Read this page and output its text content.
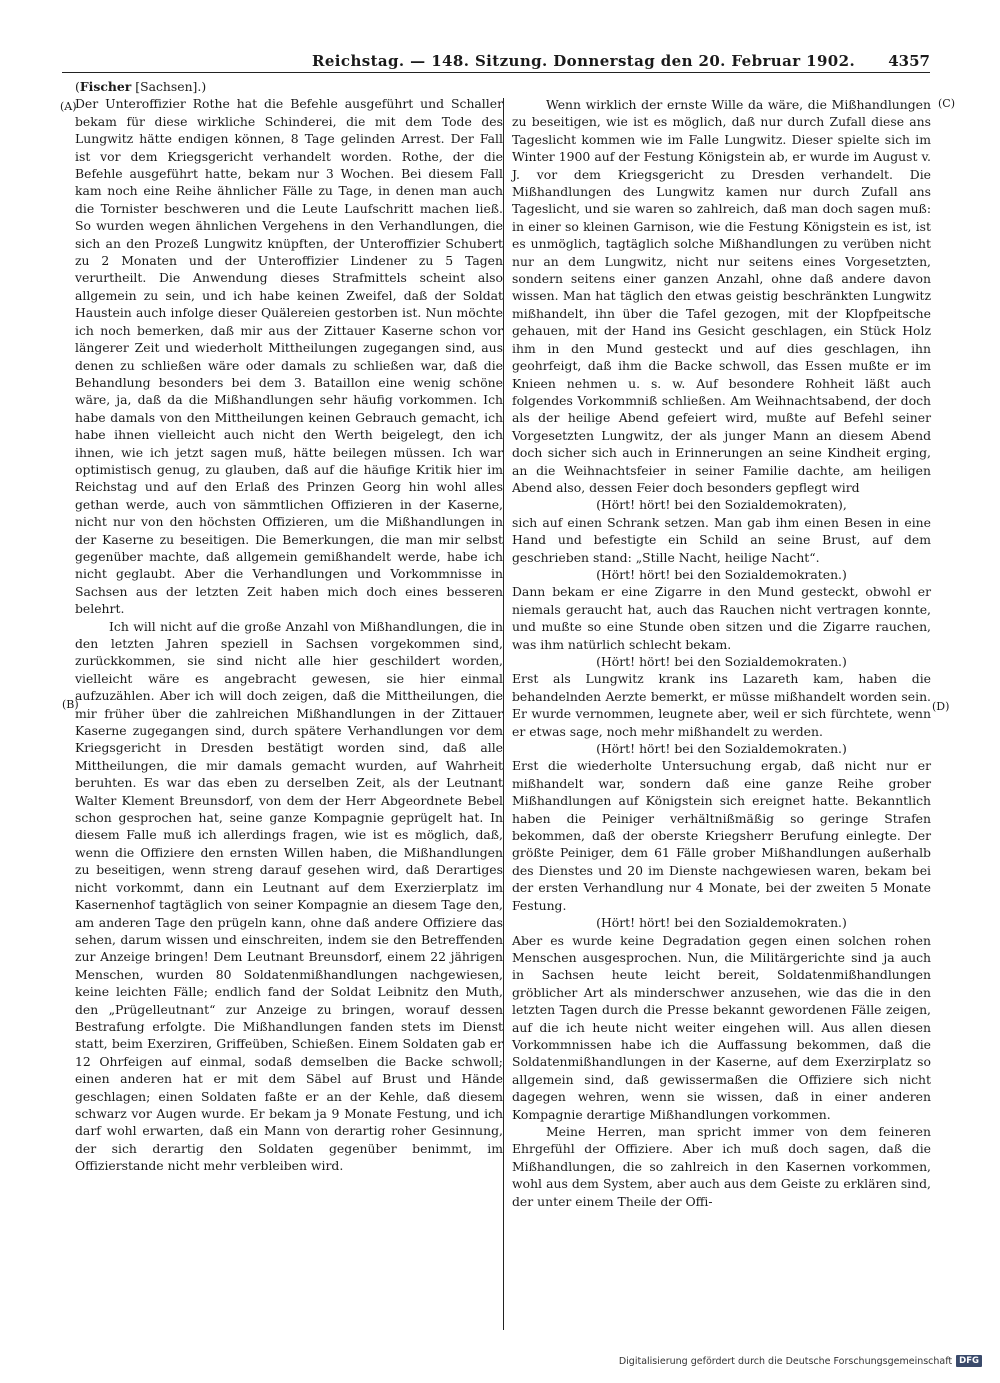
Reichstag. — 148. Sitzung. Donnerstag den 20. Februar 1902. 4357
(A)
(B)
(C)
(D)

(Fischer [Sachsen].)

Der Unteroffizier Rothe hat die Befehle ausgeführt und Schaller bekam für diese wirkliche Schinderei, die mit dem Tode des Lungwitz hätte endigen können, 8 Tage gelinden Arrest. Der Fall ist vor dem Kriegsgericht verhandelt worden. Rothe, der die Befehle ausgeführt hatte, bekam nur 3 Wochen. Bei diesem Fall kam noch eine Reihe ähnlicher Fälle zu Tage, in denen man auch die Tornister beschweren und die Leute Laufschritt machen ließ. So wurden wegen ähnlichen Vergehens in den Verhandlungen, die sich an den Prozeß Lungwitz knüpften, der Unteroffizier Schubert zu 2 Monaten und der Unteroffizier Lindener zu 5 Tagen verurtheilt. Die Anwendung dieses Strafmittels scheint also allgemein zu sein, und ich habe keinen Zweifel, daß der Soldat Haustein auch infolge dieser Quälereien gestorben ist. Nun möchte ich noch bemerken, daß mir aus der Zittauer Kaserne schon vor längerer Zeit und wiederholt Mittheilungen zugegangen sind, aus denen zu schließen wäre oder damals zu schließen war, daß die Behandlung besonders bei dem 3. Bataillon eine wenig schöne wäre, ja, daß da die Mißhandlungen sehr häufig vorkommen. Ich habe damals von den Mittheilungen keinen Gebrauch gemacht, ich habe ihnen vielleicht auch nicht den Werth beigelegt, den ich ihnen, wie ich jetzt sagen muß, hätte beilegen müssen. Ich war optimistisch genug, zu glauben, daß auf die häufige Kritik hier im Reichstag und auf den Erlaß des Prinzen Georg hin wohl alles gethan werde, auch von sämmtlichen Offizieren in der Kaserne, nicht nur von den höchsten Offizieren, um die Mißhandlungen in der Kaserne zu beseitigen. Die Bemerkungen, die man mir selbst gegenüber machte, daß allgemein gemißhandelt werde, habe ich nicht geglaubt. Aber die Verhandlungen und Vorkommnisse in Sachsen aus der letzten Zeit haben mich doch eines besseren belehrt.

Ich will nicht auf die große Anzahl von Mißhandlungen, die in den letzten Jahren speziell in Sachsen vorgekommen sind, zurückkommen, sie sind nicht alle hier geschildert worden, vielleicht wäre es angebracht gewesen, sie hier einmal aufzuzählen. Aber ich will doch zeigen, daß die Mittheilungen, die mir früher über die zahlreichen Mißhandlungen in der Zittauer Kaserne zugegangen sind, durch spätere Verhandlungen vor dem Kriegsgericht in Dresden bestätigt worden sind, daß alle Mittheilungen, die mir damals gemacht wurden, auf Wahrheit beruhten. Es war das eben zu derselben Zeit, als der Leutnant Walter Klement Breunsdorf, von dem der Herr Abgeordnete Bebel schon gesprochen hat, seine ganze Kompagnie geprügelt hat. In diesem Falle muß ich allerdings fragen, wie ist es möglich, daß, wenn die Offiziere den ernsten Willen haben, die Mißhandlungen zu beseitigen, wenn streng darauf gesehen wird, daß Derartiges nicht vorkommt, dann ein Leutnant auf dem Exerzierplatz im Kasernenhof tagtäglich von seiner Kompagnie an diesem Tage den, am anderen Tage den prügeln kann, ohne daß andere Offiziere das sehen, darum wissen und einschreiten, indem sie den Betreffenden zur Anzeige bringen! Dem Leutnant Breunsdorf, einem 22 jährigen Menschen, wurden 80 Soldatenmißhandlungen nachgewiesen, keine leichten Fälle; endlich fand der Soldat Leibnitz den Muth, den „Prügelleutnant“ zur Anzeige zu bringen, worauf dessen Bestrafung erfolgte. Die Mißhandlungen fanden stets im Dienst statt, beim Exerziren, Griffeüben, Schießen. Einem Soldaten gab er 12 Ohrfeigen auf einmal, sodaß demselben die Backe schwoll; einen anderen hat er mit dem Säbel auf Brust und Hände geschlagen; einen Soldaten faßte er an der Kehle, daß diesem schwarz vor Augen wurde. Er bekam ja 9 Monate Festung, und ich darf wohl erwarten, daß ein Mann von derartig roher Gesinnung, der sich derartig den Soldaten gegenüber benimmt, im Offizierstande nicht mehr verbleiben wird.

Wenn wirklich der ernste Wille da wäre, die Mißhandlungen zu beseitigen, wie ist es möglich, daß nur durch Zufall diese ans Tageslicht kommen wie im Falle Lungwitz. Dieser spielte sich im Winter 1900 auf der Festung Königstein ab, er wurde im August v. J. vor dem Kriegsgericht zu Dresden verhandelt. Die Mißhandlungen des Lungwitz kamen nur durch Zufall ans Tageslicht, und sie waren so zahlreich, daß man doch sagen muß: in einer so kleinen Garnison, wie die Festung Königstein es ist, ist es unmöglich, tagtäglich solche Mißhandlungen zu verüben nicht nur an dem Lungwitz, nicht nur seitens eines Vorgesetzten, sondern seitens einer ganzen Anzahl, ohne daß andere davon wissen. Man hat täglich den etwas geistig beschränkten Lungwitz mißhandelt, ihn über die Tafel gezogen, mit der Klopfpeitsche gehauen, mit der Hand ins Gesicht geschlagen, ein Stück Holz ihm in den Mund gesteckt und auf dies geschlagen, ihn geohrfeigt, daß ihm die Backe schwoll, das Essen mußte er im Knieen nehmen u. s. w. Auf besondere Rohheit läßt auch folgendes Vorkommniß schließen. Am Weihnachtsabend, der doch als der heilige Abend gefeiert wird, mußte auf Befehl seiner Vorgesetzten Lungwitz, der als junger Mann an diesem Abend doch sicher sich auch in Erinnerungen an seine Kindheit erging, an die Weihnachtsfeier in seiner Familie dachte, am heiligen Abend also, dessen Feier doch besonders gepflegt wird

(Hört! hört! bei den Sozialdemokraten),

sich auf einen Schrank setzen. Man gab ihm einen Besen in eine Hand und befestigte ein Schild an seine Brust, auf dem geschrieben stand: „Stille Nacht, heilige Nacht“.

(Hört! hört! bei den Sozialdemokraten.)

Dann bekam er eine Zigarre in den Mund gesteckt, obwohl er niemals geraucht hat, auch das Rauchen nicht vertragen konnte, und mußte so eine Stunde oben sitzen und die Zigarre rauchen, was ihm natürlich schlecht bekam.

(Hört! hört! bei den Sozialdemokraten.)

Erst als Lungwitz krank ins Lazareth kam, haben die behandelnden Aerzte bemerkt, er müsse mißhandelt worden sein. Er wurde vernommen, leugnete aber, weil er sich fürchtete, wenn er etwas sage, noch mehr mißhandelt zu werden.

(Hört! hört! bei den Sozialdemokraten.)

Erst die wiederholte Untersuchung ergab, daß nicht nur er mißhandelt war, sondern daß eine ganze Reihe grober Mißhandlungen auf Königstein sich ereignet hatte. Bekanntlich haben die Peiniger verhältnißmäßig so geringe Strafen bekommen, daß der oberste Kriegsherr Berufung einlegte. Der größte Peiniger, dem 61 Fälle grober Mißhandlungen außerhalb des Dienstes und 20 im Dienste nachgewiesen waren, bekam bei der ersten Verhandlung nur 4 Monate, bei der zweiten 5 Monate Festung.

(Hört! hört! bei den Sozialdemokraten.)

Aber es wurde keine Degradation gegen einen solchen rohen Menschen ausgesprochen. Nun, die Militärgerichte sind ja auch in Sachsen heute leicht bereit, Soldatenmißhandlungen gröblicher Art als minderschwer anzusehen, wie das die in den letzten Tagen durch die Presse bekannt gewordenen Fälle zeigen, auf die ich heute nicht weiter eingehen will. Aus allen diesen Vorkommnissen habe ich die Auffassung bekommen, daß die Soldatenmißhandlungen in der Kaserne, auf dem Exerzirplatz so allgemein sind, daß gewissermaßen die Offiziere sich nicht dagegen wehren, wenn sie wissen, daß in einer anderen Kompagnie derartige Mißhandlungen vorkommen.

Meine Herren, man spricht immer von dem feineren Ehrgefühl der Offiziere. Aber ich muß doch sagen, daß die Mißhandlungen, die so zahlreich in den Kasernen vorkommen, wohl aus dem System, aber auch aus dem Geiste zu erklären sind, der unter einem Theile der Offi-

Digitalisierung gefördert durch die Deutsche Forschungsgemeinschaft DFG
